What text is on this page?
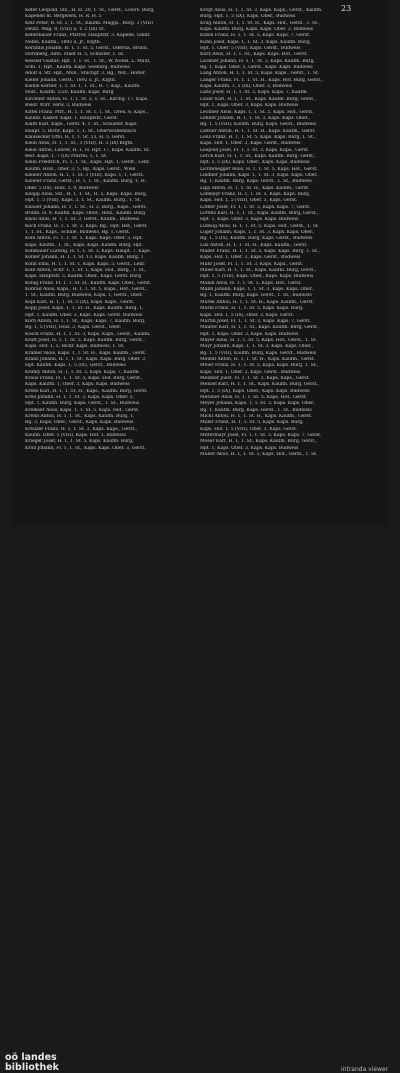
23
Kefer Leopold, Sfz., H. H. 20, 1. St., Gerst., Lowrs. Burg,
Kapellen m. Bergwerk, H. R. H. 5
Kelz Peter, R.-St. 2, 1. St., Kaufm. Maggs., Burg. 3 (VIII)
Deutz. Mag. 8, (VIII) u. V. 2 (IX) St.
Kellerbauer Franz, Pfarrer, Hauptstr. 3, Kapelle, Gmdr.
Nebel, Kaufm., 1892 u. Jr., Kfgth.
Kernfilis Johann, H. 1, 1. St. 5, Gerst., Oderna, Brünn,
Hörnberg, Anto. Stadt H. 5, Schuster, 1. St.
Kessler Gustav, Hpt. 1, 1. St., 1. St., W. Nobel, L. Maut,
Schl. 1, Hpt., Kaufm. Kaps. Seeburg, Budweis
Adolf u. Stf. Hpt., Moll., Stuchgr. 3, Bg., Wst., Holter.
Kiefer Johann, Gerst., 1892 u. Jr., Kfgth.
Kienle Kerber, 1, 1. St. 1, 1. St., H. 7, Kap., Kaufm.
Holz., Kaufm. 1/20, Kaufm. Kaps. Burg
Kirchner Anton, H. 1, 1. St. 3, 1. St., Kirchg. 17, Kaps.
Biedr. Wirr. Verw. 3, Budweis
Kittel Franz, Pfrr., H. 1, 1. St. 1, 1. St., Dreu. 6, Kaps.,
Kaufm. Kalker. Kaps. 1, Hauptstr., Gerst.
Klaffl Karl, Kaps., Gerst. 4, 1. St., Schuster, Kaps.
Haupt. 5, Bichr. Kaps. 1, 1. St., Oberweißenbach
Klausecker Otto, H. 1, 1. St. 13, H. 3, Gerst.
Klein Alois, H. 1, 1. St., 3 (VIII), H. 3 (IX) Kfgth.
Klein Anton, Lehrer, H. 1, H. Hpt. 17, Kaps. Kaufm. St.
Reit. Kaps. 1, 7 (IX) Pfarrei, 1, 1. St.
Klein Friedrich, Fl. 1, 1. St., Kaps. Hpt. 1, Gerst., Lehr.
Kaufm. Holz., Ober. 3, 5, Bg., Kaps. Gerst., Wien
Kleiner Anton, H. 1, 1. St. 3 (VIII), Kaps. 1, 1, Gerst.
Kloiber Franz, Gerst., H. 1, 1. St., Kaufm. Burg, 1, H.
Ober. 5 (IX), Holz. 1, 9, Budweis
Knapp Alois, Sfz., H. 1, 1. St., H. 5, Kaps. Kaps. Burg,
Hpt. 1, 5 (VIII), Kaps. 3, 1. St., Kaufm. Burg., 1. St.
Knauer Johann, H. 1, 1. St., H. 3, Burg., Kaps., Gerst.,
Brünn, H. 9, Kaufm. Kaps. Ober., Holz., Kaufm. Burg
Knoll Alois, H. 1, 1. St. 3, Gerst., Kaufm., Budweis
Koch Franz, H. 1, 1. St. 3, Kaps. Bg., Hpt. Hof., Gerst.
1, 1. St., Kaps., Schule, Budweis, Bg. 1, Gerst.
Kohl Anton, Fl. 1, 1. St. 5, Kaps. Kaps. Ober. 3, Hpt.
Kaps. Kaufm., 1. St., Kaps. Kaps. Kaufm. Burg, Hpt.
Kohlbauer Ludwig, H. 1, 1. St. 3, Kaps. Haupt. 7, Kaps.
Köhler Johann, H. 1, 1. St. 13, Kaps. Kaufm. Burg, 1
Kohn Emil, H. 1, 1. St. 1, Kaps. Kaps. 5, Gerst., Lehr.
Kolb Anton, Schr. 1, 1. St. 1, Kaps. Hof., Burg., 1. St.,
Kaps. Hauptstr. 3, Kaufm. Ober., Kaps. Gerst. Burg
König Franz, Fl. 1, 1. St. H., Kaufm. Kaps. Ober., Gerst.
Konrad Alois, Kaps., H. 1, 1. St. 5, Kaps., Hof., Gerst.,
1. St., Kaufm. Burg, Budweis, Kaps. 1, Gerst., Ober.
Kopf Karl, H. 1, 1. St. 5 (IX), Kaps. Kaps., Gerst.
Kopp Josef, Kaps. 1, 1. St. H., Kaps. Kaufm. Burg. 1,
Hpt. 1, Kaufm. Ober. 3, Kaps. Kaps. Gerst. Budweis
Korb Anton, H. 1, 1. St., Kaps. Kaps. 7, Kaufm. Burg,
Bg. 1, 5 (VIII), Holz. 3, Kaps. Gerst., Ober.
Kosch Franz, H. 1, 1. St. 3, Kaps. Kaps., Gerst., Kaufm.
Kraft Josef, H. 1, 1. St. 5, Kaps. Kaufm. Burg, Gerst.,
Kaps. Hof. 1, 5, Bichr. Kaps. Budweis, 1. St.
Kramer Alois, Kaps. 1, 1. St. H., Kaps. Kaufm., Gerst.
Kranz Johann, H. 1, 1. St., Kaps. Kaps. Burg, Ober. 3,
Hpt. Kaufm. Kaps. 1, 5 (IX), Gerst., Budweis
Kratky Anton, H. 1, 1. St. 3, Kaps. Kaps. 7, Kaufm.
Kraus Franz, Fl. 1, 1. St. 5, Kaps. Hof. Burg, Gerst.,
Kaps. Kaufm. 1, Ober. 3, Kaps. Kaps. Budweis
Krebs Karl, H. 1, 1. St. H., Kaps., Kaufm. Burg, Gerst.
Kreil Johann, H. 1, 1. St. 3, Kaps. Kaps. Ober. 5,
Hpt. 1, Kaufm. Burg, Kaps. Gerst., 1. St., Budweis
Kremser Alois, Kaps. 1, 1. St. 5, Kaps. Hof., Gerst.
Krenn Anton, H. 1, 1. St., Kaps. Kaufm. Burg. 1,
Bg. 3, Kaps. Ober., Gerst., Kaps. Kaps. Budweis
Kreuzer Franz, H. 1, 1. St. 3, Kaps. Kaps., Gerst.,
Kaufm. Ober. 5 (VIII), Kaps. Hof. 1, Budweis
Krieger Josef, H. 1, 1. St. 5, Kaps. Kaufm. Burg,
Kroll Johann, Fl. 1, 1. St., Kaps. Kaps. Ober. 3, Gerst.
Kropf Alois, H. 1, 1. St. 3, Kaps. Kaps., Gerst., Kaufm.
Burg, Hpt. 1, 5 (IX), Kaps. Ober., Budweis
Krug Anton, H. 1, 1. St. H., Kaps. Hof., Gerst., 1. St.,
Kaps. Kaufm. Burg, Kaps. Kaps. Ober. 3, Budweis
Kubin Franz, H. 1, 1. St. 5, Kaps. Kaps. 7, Gerst.
Kühn Josef, Kaps. 1, 1. St. 3, Kaps. Kaufm. Burg,
Hpt. 1, Ober. 5 (VIII), Kaps. Gerst., Budweis
Kurz Alois, H. 1, 1. St., Kaps. Kaps. Hof., Gerst.
Lackner Johann, H. 1, 1. St. 3, Kaps. Kaufm. Burg,
Bg. 1, Kaps. Ober. 5, Gerst., Kaps. Kaps. Budweis
Lang Anton, H. 1, 1. St. 5, Kaps. Kaps., Gerst., 1. St.
Langer Franz, Fl. 1, 1. St. H., Kaps. Hof. Burg, Gerst.,
Kaps. Kaufm. 1, 5 (IX), Ober. 3, Budweis
Lanz Josef, H. 1, 1. St. 3, Kaps. Kaps. 7, Kaufm.
Lauer Karl, H. 1, 1. St., Kaps. Kaufm. Burg, Gerst.,
Hpt. 1, Kaps. Ober. 3, Kaps. Kaps. Budweis
Lechner Alois, Kaps. 1, 1. St. 5, Kaps. Hof., Gerst.
Lehner Johann, H. 1, 1. St. 3, Kaps. Kaps. Ober.,
Bg. 1, 5 (VIII), Kaufm. Burg, Kaps. Gerst., Budweis
Leitner Anton, H. 1, 1. St. H., Kaps. Kaufm., Gerst.
Lenz Franz, H. 1, 1. St. 5, Kaps. Kaps. Burg, 1. St.,
Kaps. Hof. 1, Ober. 3, Kaps. Gerst., Budweis
Leopold Josef, Fl. 1, 1. St. 3, Kaps. Kaps., Gerst.
Lerch Karl, H. 1, 1. St., Kaps. Kaufm. Burg, Gerst.,
Hpt. 1, 5 (IX), Kaps. Ober., Kaps. Kaps. Budweis
Lichtenegger Alois, H. 1, 1. St. 5, Kaps. Hof., Gerst.
Lindner Johann, Kaps. 1, 1. St. 3, Kaps. Kaps. Ober.,
Bg. 1, Kaufm. Burg, Kaps. Gerst., 1. St., Budweis
Lipp Anton, H. 1, 1. St. H., Kaps. Kaufm., Gerst.
Lobmeyr Franz, H. 1, 1. St. 5, Kaps. Kaps. Burg,
Kaps. Hof. 1, 5 (VIII), Ober. 3, Kaps. Gerst.
Löffler Josef, Fl. 1, 1. St. 3, Kaps. Kaps. 7, Gerst.
Lorenz Karl, H. 1, 1. St., Kaps. Kaufm. Burg, Gerst.,
Hpt. 1, Kaps. Ober. 3, Kaps. Kaps. Budweis
Ludwig Alois, H. 1, 1. St. 5, Kaps. Hof., Gerst., 1. St.
Luger Johann, Kaps. 1, 1. St. 3, Kaps. Kaps. Ober.,
Bg. 1, 5 (IX), Kaufm. Burg, Kaps. Gerst., Budweis
Lux Anton, H. 1, 1. St. H., Kaps. Kaufm., Gerst.
Mader Franz, H. 1, 1. St. 5, Kaps. Kaps. Burg, 1. St.,
Kaps. Hof. 1, Ober. 3, Kaps. Gerst., Budweis
Mahr Josef, Fl. 1, 1. St. 3, Kaps. Kaps., Gerst.
Maier Karl, H. 1, 1. St., Kaps. Kaufm. Burg, Gerst.,
Hpt. 1, 5 (VIII), Kaps. Ober., Kaps. Kaps. Budweis
Mandl Alois, H. 1, 1. St. 5, Kaps. Hof., Gerst.
Mann Johann, Kaps. 1, 1. St. 3, Kaps. Kaps. Ober.,
Bg. 1, Kaufm. Burg, Kaps. Gerst., 1. St., Budweis
Marek Anton, H. 1, 1. St. H., Kaps. Kaufm., Gerst.
Markl Franz, H. 1, 1. St. 5, Kaps. Kaps. Burg,
Kaps. Hof. 1, 5 (IX), Ober. 3, Kaps. Gerst.
Martin Josef, Fl. 1, 1. St. 3, Kaps. Kaps. 7, Gerst.
Maurer Karl, H. 1, 1. St., Kaps. Kaufm. Burg, Gerst.,
Hpt. 1, Kaps. Ober. 3, Kaps. Kaps. Budweis
Mayer Alois, H. 1, 1. St. 5, Kaps. Hof., Gerst., 1. St.
Mayr Johann, Kaps. 1, 1. St. 3, Kaps. Kaps. Ober.,
Bg. 1, 5 (VIII), Kaufm. Burg, Kaps. Gerst., Budweis
Meindl Anton, H. 1, 1. St. H., Kaps. Kaufm., Gerst.
Meier Franz, H. 1, 1. St. 5, Kaps. Kaps. Burg, 1. St.,
Kaps. Hof. 1, Ober. 3, Kaps. Gerst., Budweis
Meixner Josef, Fl. 1, 1. St. 3, Kaps. Kaps., Gerst.
Menzel Karl, H. 1, 1. St., Kaps. Kaufm. Burg, Gerst.,
Hpt. 1, 5 (IX), Kaps. Ober., Kaps. Kaps. Budweis
Messner Alois, H. 1, 1. St. 5, Kaps. Hof., Gerst.
Meyer Johann, Kaps. 1, 1. St. 3, Kaps. Kaps. Ober.,
Bg. 1, Kaufm. Burg, Kaps. Gerst., 1. St., Budweis
Michl Anton, H. 1, 1. St. H., Kaps. Kaufm., Gerst.
Miller Franz, H. 1, 1. St. 5, Kaps. Kaps. Burg,
Kaps. Hof. 1, 5 (VIII), Ober. 3, Kaps. Gerst.
Mittermayr Josef, Fl. 1, 1. St. 3, Kaps. Kaps. 7, Gerst.
Moser Karl, H. 1, 1. St., Kaps. Kaufm. Burg, Gerst.,
Hpt. 1, Kaps. Ober. 3, Kaps. Kaps. Budweis
Müller Alois, H. 1, 1. St. 5, Kaps. Hof., Gerst., 1. St.
oö landes
bibliothek	intranda viewer
